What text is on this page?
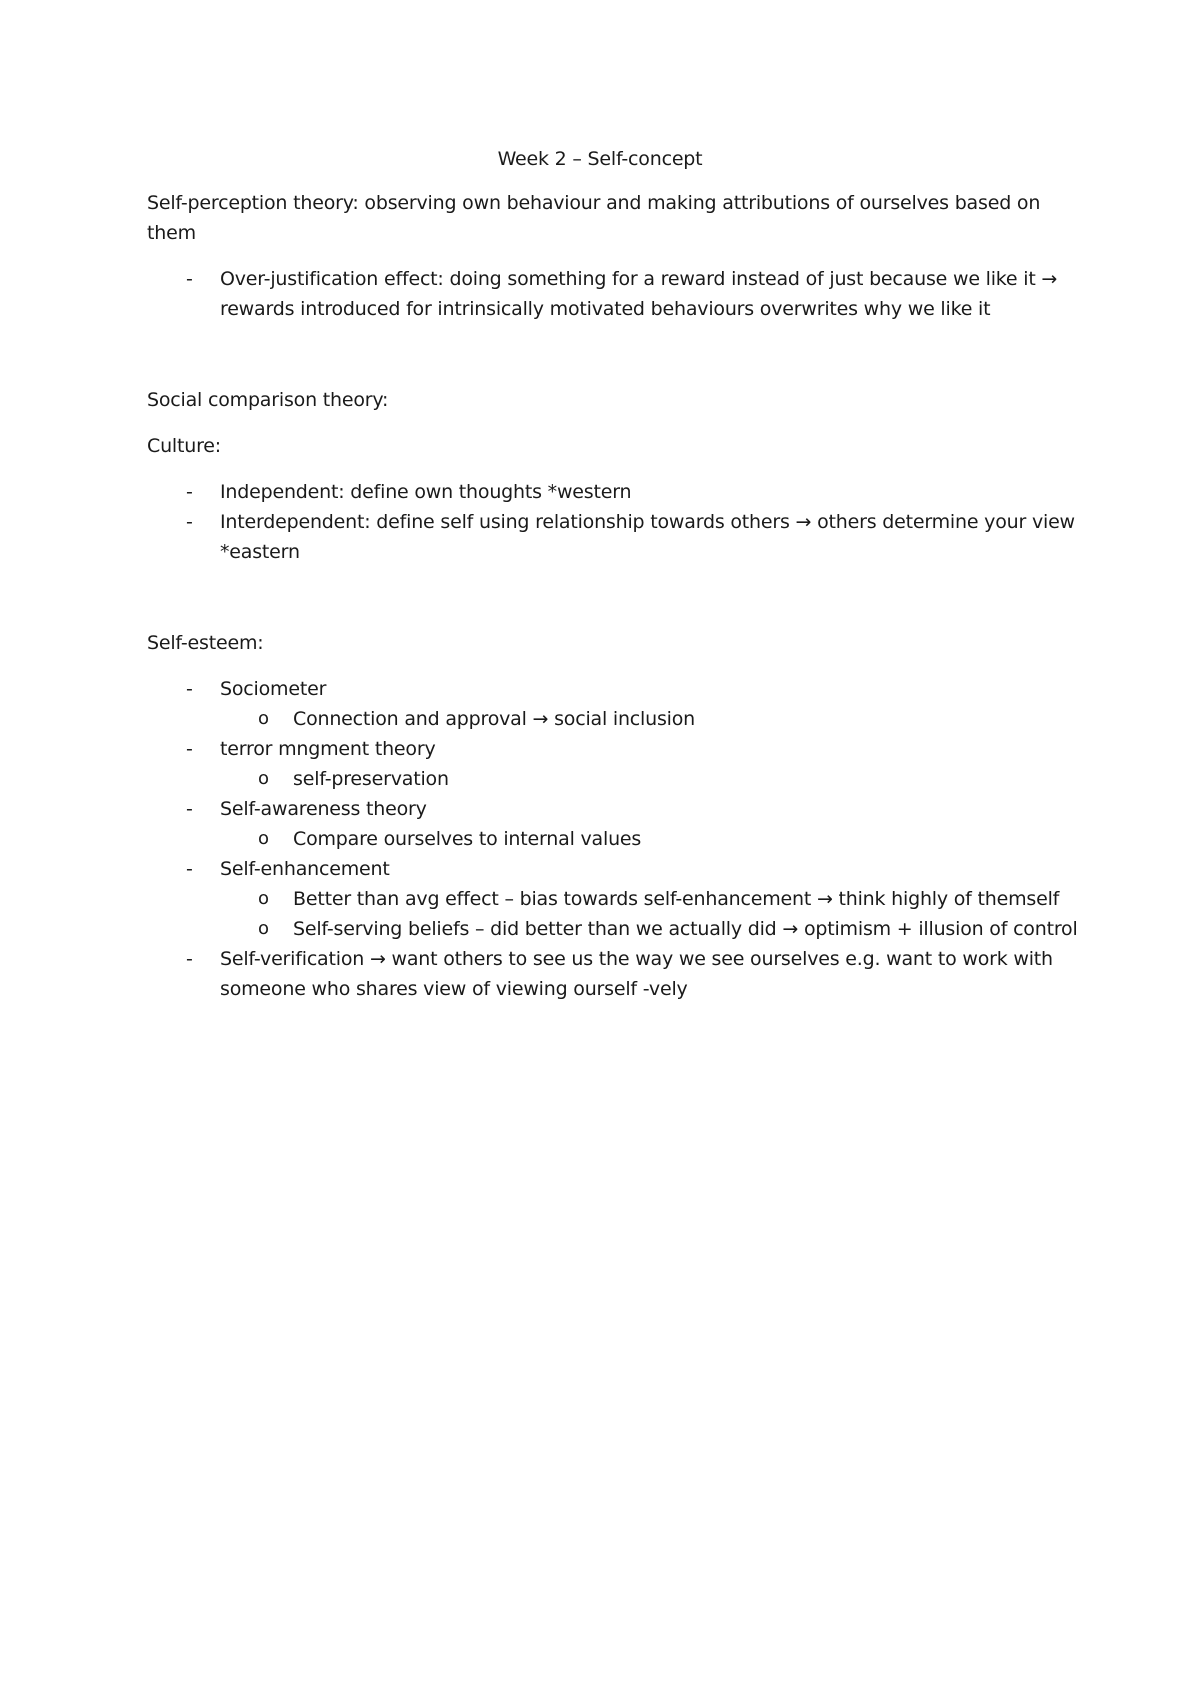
Week 2 – Self-concept
Self-perception theory: observing own behaviour and making attributions of ourselves based on
them
- Over-justification effect: doing something for a reward instead of just because we like it →
rewards introduced for intrinsically motivated behaviours overwrites why we like it
Social comparison theory:
Culture:
- Independent: define own thoughts *western
- Interdependent: define self using relationship towards others → others determine your view
*eastern
Self-esteem:
- Sociometer
o Connection and approval → social inclusion
- terror mngment theory
o self-preservation
- Self-awareness theory
o Compare ourselves to internal values
- Self-enhancement
o Better than avg effect – bias towards self-enhancement → think highly of themself
o Self-serving beliefs – did better than we actually did → optimism + illusion of control
- Self-verification → want others to see us the way we see ourselves e.g. want to work with
someone who shares view of viewing ourself -vely
